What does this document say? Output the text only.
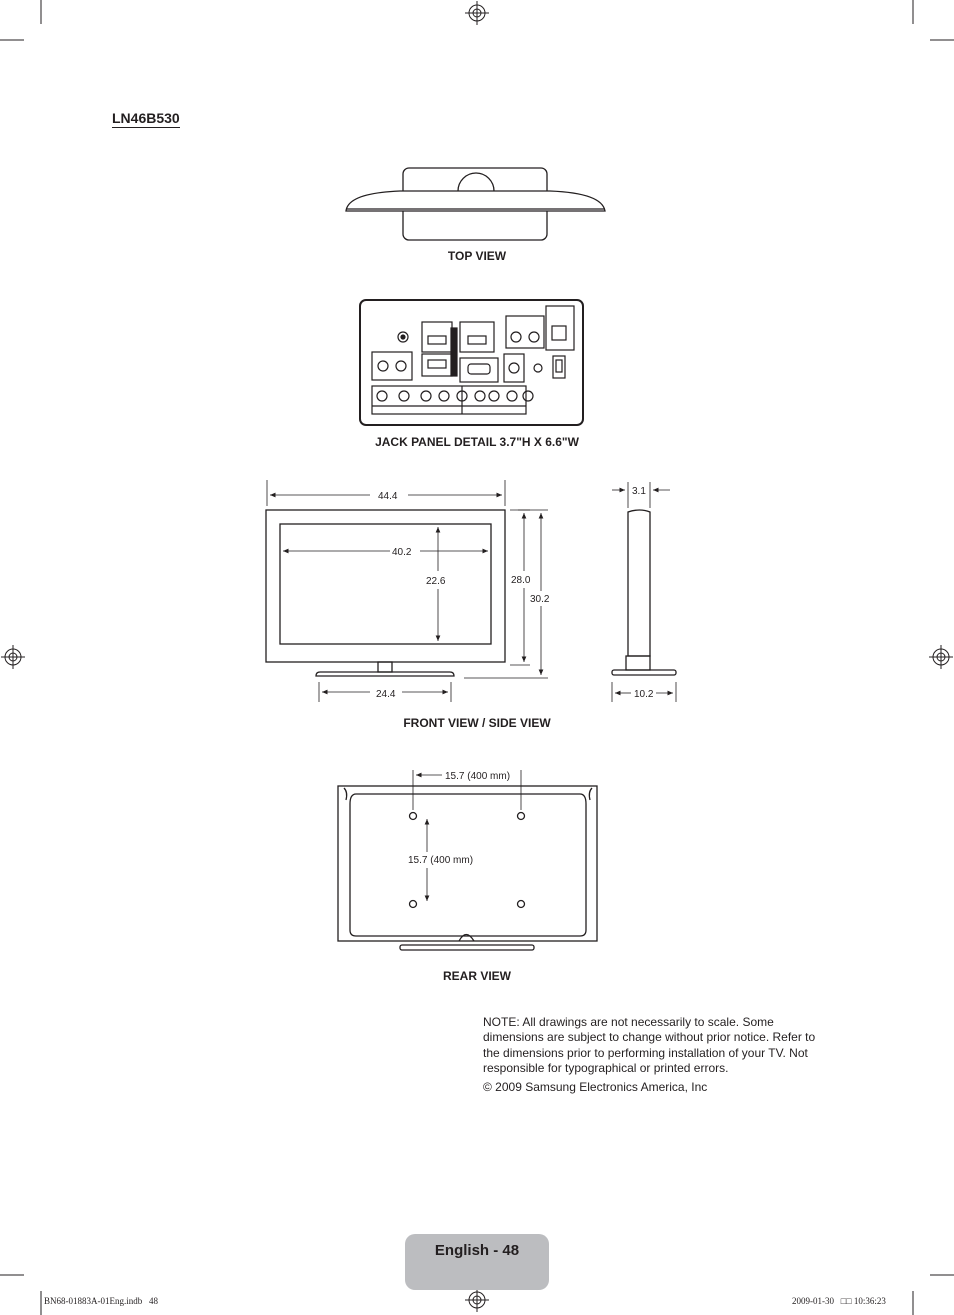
LN46B530
TOP VIEW
JACK PANEL DETAIL 3.7"H X 6.6"W
44.4
40.2
22.6	28.0
30.2
24.4
3.1
10.2
FRONT VIEW / SIDE VIEW
15.7 (400 mm)
15.7 (400 mm)
REAR VIEW
NOTE: All drawings are not necessarily to scale. Some dimensions are subject to change without prior notice. Refer to the dimensions prior to performing installation of your TV. Not responsible for typographical or printed errors.
© 2009 Samsung Electronics America, Inc
English - 48
BN68-01883A-01Eng.indb   48	2009-01-30   □□ 10:36:23
